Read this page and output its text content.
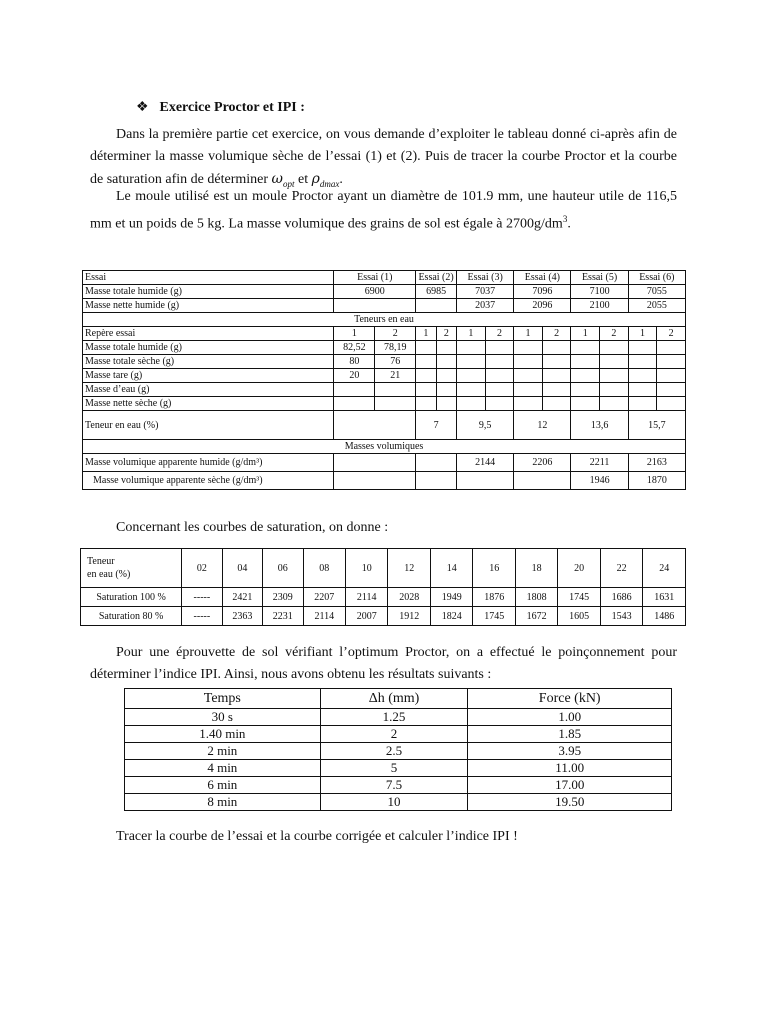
❖ Exercice Proctor et IPI :

Dans la première partie cet exercice, on vous demande d’exploiter le tableau donné ci-après afin de déterminer la masse volumique sèche de l’essai (1) et (2). Puis de tracer la courbe Proctor et la courbe de saturation afin de déterminer $\omega_{opt}$ et $\rho_{dmax}$.

Le moule utilisé est un moule Proctor ayant un diamètre de 101.9 mm, une hauteur utile de 116,5 mm et un poids de 5 kg. La masse volumique des grains de sol est égale à $2700g/dm^3$.

Essai	Essai (1)		Essai (2)		Essai (3)		Essai (4)		Essai (5)		Essai (6)	
Masse totale humide (g)	6900		6985		7037		7096		7100		7055	
Masse nette humide (g)					2037		2096		2100		2055	
Teneurs en eau												
Repère essai	1	2	1	2	1	2	1	2	1	2	1	2
Masse totale humide (g)	82,52	78,19										
Masse totale sèche (g)	80	76										
Masse tare (g)	20	21										
Masse d’eau (g)												
Masse nette sèche (g)												
Teneur en eau (%)			7		9,5		12		13,6		15,7	
Masses volumiques												
Masse volumique apparente humide (g/dm³)					2144		2206		2211		2163	
Masse volumique apparente sèche (g/dm³)									1946		1870	

Concernant les courbes de saturation, on donne :

Teneur
en eau (%)	02	04	06	08	10	12	14	16	18	20	22	24
Saturation 100 %	-----	2421	2309	2207	2114	2028	1949	1876	1808	1745	1686	1631
Saturation 80 %	-----	2363	2231	2114	2007	1912	1824	1745	1672	1605	1543	1486

Pour une éprouvette de sol vérifiant l’optimum Proctor, on a effectué le poinçonnement pour déterminer l’indice IPI. Ainsi, nous avons obtenu les résultats suivants :

Temps	Δh (mm)	Force (kN)
30 s	1.25	1.00
1.40 min	2	1.85
2 min	2.5	3.95
4 min	5	11.00
6 min	7.5	17.00
8 min	10	19.50

Tracer la courbe de l’essai et la courbe corrigée et calculer l’indice IPI !
